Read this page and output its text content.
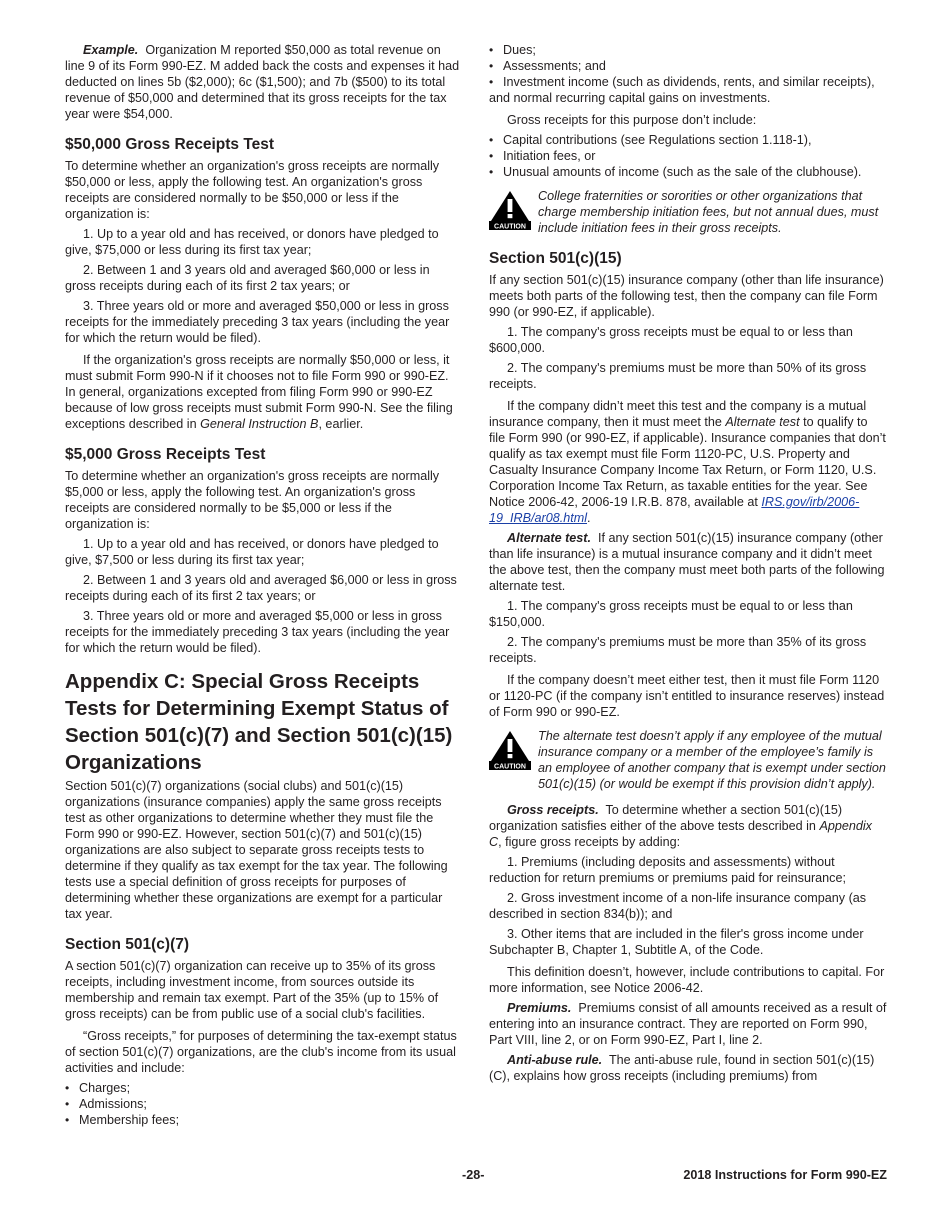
Example. Organization M reported $50,000 as total revenue on line 9 of its Form 990-EZ. M added back the costs and expenses it had deducted on lines 5b ($2,000); 6c ($1,500); and 7b ($500) to its total revenue of $50,000 and determined that its gross receipts for the tax year were $54,000.

$50,000 Gross Receipts Test

To determine whether an organization's gross receipts are normally $50,000 or less, apply the following test. An organization's gross receipts are considered normally to be $50,000 or less if the organization is:

1. Up to a year old and has received, or donors have pledged to give, $75,000 or less during its first tax year;

2. Between 1 and 3 years old and averaged $60,000 or less in gross receipts during each of its first 2 tax years; or

3. Three years old or more and averaged $50,000 or less in gross receipts for the immediately preceding 3 tax years (including the year for which the return would be filed).

If the organization's gross receipts are normally $50,000 or less, it must submit Form 990-N if it chooses not to file Form 990 or 990-EZ. In general, organizations excepted from filing Form 990 or 990-EZ because of low gross receipts must submit Form 990-N. See the filing exceptions described in General Instruction B, earlier.

$5,000 Gross Receipts Test

To determine whether an organization's gross receipts are normally $5,000 or less, apply the following test. An organization's gross receipts are considered normally to be $5,000 or less if the organization is:

1. Up to a year old and has received, or donors have pledged to give, $7,500 or less during its first tax year;

2. Between 1 and 3 years old and averaged $6,000 or less in gross receipts during each of its first 2 tax years; or

3. Three years old or more and averaged $5,000 or less in gross receipts for the immediately preceding 3 tax years (including the year for which the return would be filed).

Appendix C: Special Gross Receipts Tests for Determining Exempt Status of Section 501(c)(7) and Section 501(c)(15) Organizations

Section 501(c)(7) organizations (social clubs) and 501(c)(15) organizations (insurance companies) apply the same gross receipts test as other organizations to determine whether they must file the Form 990 or 990-EZ. However, section 501(c)(7) and 501(c)(15) organizations are also subject to separate gross receipts tests to determine if they qualify as tax exempt for the tax year. The following tests use a special definition of gross receipts for purposes of determining whether these organizations are exempt for a particular tax year.

Section 501(c)(7)

A section 501(c)(7) organization can receive up to 35% of its gross receipts, including investment income, from sources outside its membership and remain tax exempt. Part of the 35% (up to 15% of gross receipts) can be from public use of a social club's facilities.

“Gross receipts,” for purposes of determining the tax-exempt status of section 501(c)(7) organizations, are the club's income from its usual activities and include:

• Charges;
• Admissions;
• Membership fees;
• Dues;
• Assessments; and
• Investment income (such as dividends, rents, and similar receipts), and normal recurring capital gains on investments.

Gross receipts for this purpose don’t include:

• Capital contributions (see Regulations section 1.118-1),
• Initiation fees, or
• Unusual amounts of income (such as the sale of the clubhouse).
CAUTION
College fraternities or sororities or other organizations that charge membership initiation fees, but not annual dues, must include initiation fees in their gross receipts.
Section 501(c)(15)

If any section 501(c)(15) insurance company (other than life insurance) meets both parts of the following test, then the company can file Form 990 (or 990-EZ, if applicable).

1. The company's gross receipts must be equal to or less than $600,000.

2. The company's premiums must be more than 50% of its gross receipts.

If the company didn’t meet this test and the company is a mutual insurance company, then it must meet the Alternate test to qualify to file Form 990 (or 990-EZ, if applicable). Insurance companies that don’t qualify as tax exempt must file Form 1120-PC, U.S. Property and Casualty Insurance Company Income Tax Return, or Form 1120, U.S. Corporation Income Tax Return, as taxable entities for the year. See Notice 2006-42, 2006-19 I.R.B. 878, available at IRS.gov/irb/2006-19_IRB/ar08.html.

Alternate test. If any section 501(c)(15) insurance company (other than life insurance) is a mutual insurance company and it didn’t meet the above test, then the company must meet both parts of the following alternate test.

1. The company's gross receipts must be equal to or less than $150,000.

2. The company's premiums must be more than 35% of its gross receipts.

If the company doesn’t meet either test, then it must file Form 1120 or 1120-PC (if the company isn’t entitled to insurance reserves) instead of Form 990 or 990-EZ.

CAUTION
The alternate test doesn’t apply if any employee of the mutual insurance company or a member of the employee’s family is an employee of another company that is exempt under section 501(c)(15) (or would be exempt if this provision didn’t apply).

Gross receipts. To determine whether a section 501(c)(15) organization satisfies either of the above tests described in Appendix C, figure gross receipts by adding:

1. Premiums (including deposits and assessments) without reduction for return premiums or premiums paid for reinsurance;

2. Gross investment income of a non-life insurance company (as described in section 834(b)); and

3. Other items that are included in the filer's gross income under Subchapter B, Chapter 1, Subtitle A, of the Code.

This definition doesn’t, however, include contributions to capital. For more information, see Notice 2006-42.

Premiums. Premiums consist of all amounts received as a result of entering into an insurance contract. They are reported on Form 990, Part VIII, line 2, or on Form 990-EZ, Part I, line 2.

Anti-abuse rule. The anti-abuse rule, found in section 501(c)(15)(C), explains how gross receipts (including premiums) from

-28-	2018 Instructions for Form 990-EZ
